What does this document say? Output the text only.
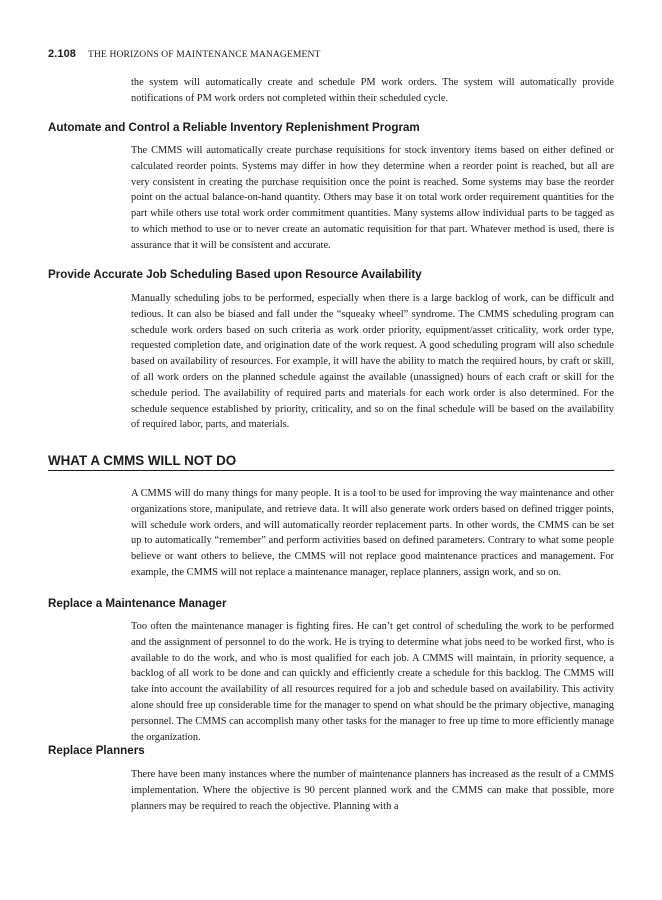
2.108 THE HORIZONS OF MAINTENANCE MANAGEMENT

the system will automatically create and schedule PM work orders. The system will automatically provide notifications of PM work orders not completed within their scheduled cycle.

Automate and Control a Reliable Inventory Replenishment Program

The CMMS will automatically create purchase requisitions for stock inventory items based on either defined or calculated reorder points. Systems may differ in how they determine when a reorder point is reached, but all are very consistent in creating the purchase requisition once the point is reached. Some systems may base the reorder point on the actual balance-on-hand quantity. Others may base it on total work order requirement quantities for the part while others use total work order commitment quantities. Many systems allow individual parts to be tagged as to which method to use or to never create an automatic requisition for that part. Whatever method is used, there is assurance that it will be consistent and accurate.

Provide Accurate Job Scheduling Based upon Resource Availability

Manually scheduling jobs to be performed, especially when there is a large backlog of work, can be difficult and tedious. It can also be biased and fall under the “squeaky wheel” syndrome. The CMMS scheduling program can schedule work orders based on such criteria as work order priority, equipment/asset criticality, work order type, requested completion date, and origination date of the work request. A good scheduling program will also schedule based on availability of resources. For example, it will have the ability to match the required hours, by craft or skill, of all work orders on the planned schedule against the available (unassigned) hours of each craft or skill for the schedule period. The availability of required parts and materials for each work order is also determined. For the schedule sequence established by priority, criticality, and so on the final schedule will be based on the availability of required labor, parts, and materials.

WHAT A CMMS WILL NOT DO

A CMMS will do many things for many people. It is a tool to be used for improving the way maintenance and other organizations store, manipulate, and retrieve data. It will also generate work orders based on defined trigger points, will schedule work orders, and will automatically reorder replacement parts. In other words, the CMMS can be set up to automatically “remember” and perform activities based on defined parameters. Contrary to what some people believe or want others to believe, the CMMS will not replace good maintenance practices and management. For example, the CMMS will not replace a maintenance manager, replace planners, assign work, and so on.

Replace a Maintenance Manager

Too often the maintenance manager is fighting fires. He can’t get control of scheduling the work to be performed and the assignment of personnel to do the work. He is trying to determine what jobs need to be worked first, who is available to do the work, and who is most qualified for each job. A CMMS will maintain, in priority sequence, a backlog of all work to be done and can quickly and efficiently create a schedule for this backlog. The CMMS will take into account the availability of all resources required for a job and schedule based on availability. This activity alone should free up considerable time for the manager to spend on what should be the primary objective, managing personnel. The CMMS can accomplish many other tasks for the manager to free up time to more efficiently manage the organization.

Replace Planners

There have been many instances where the number of maintenance planners has increased as the result of a CMMS implementation. Where the objective is 90 percent planned work and the CMMS can make that possible, more planners may be required to reach the objective. Planning with a
